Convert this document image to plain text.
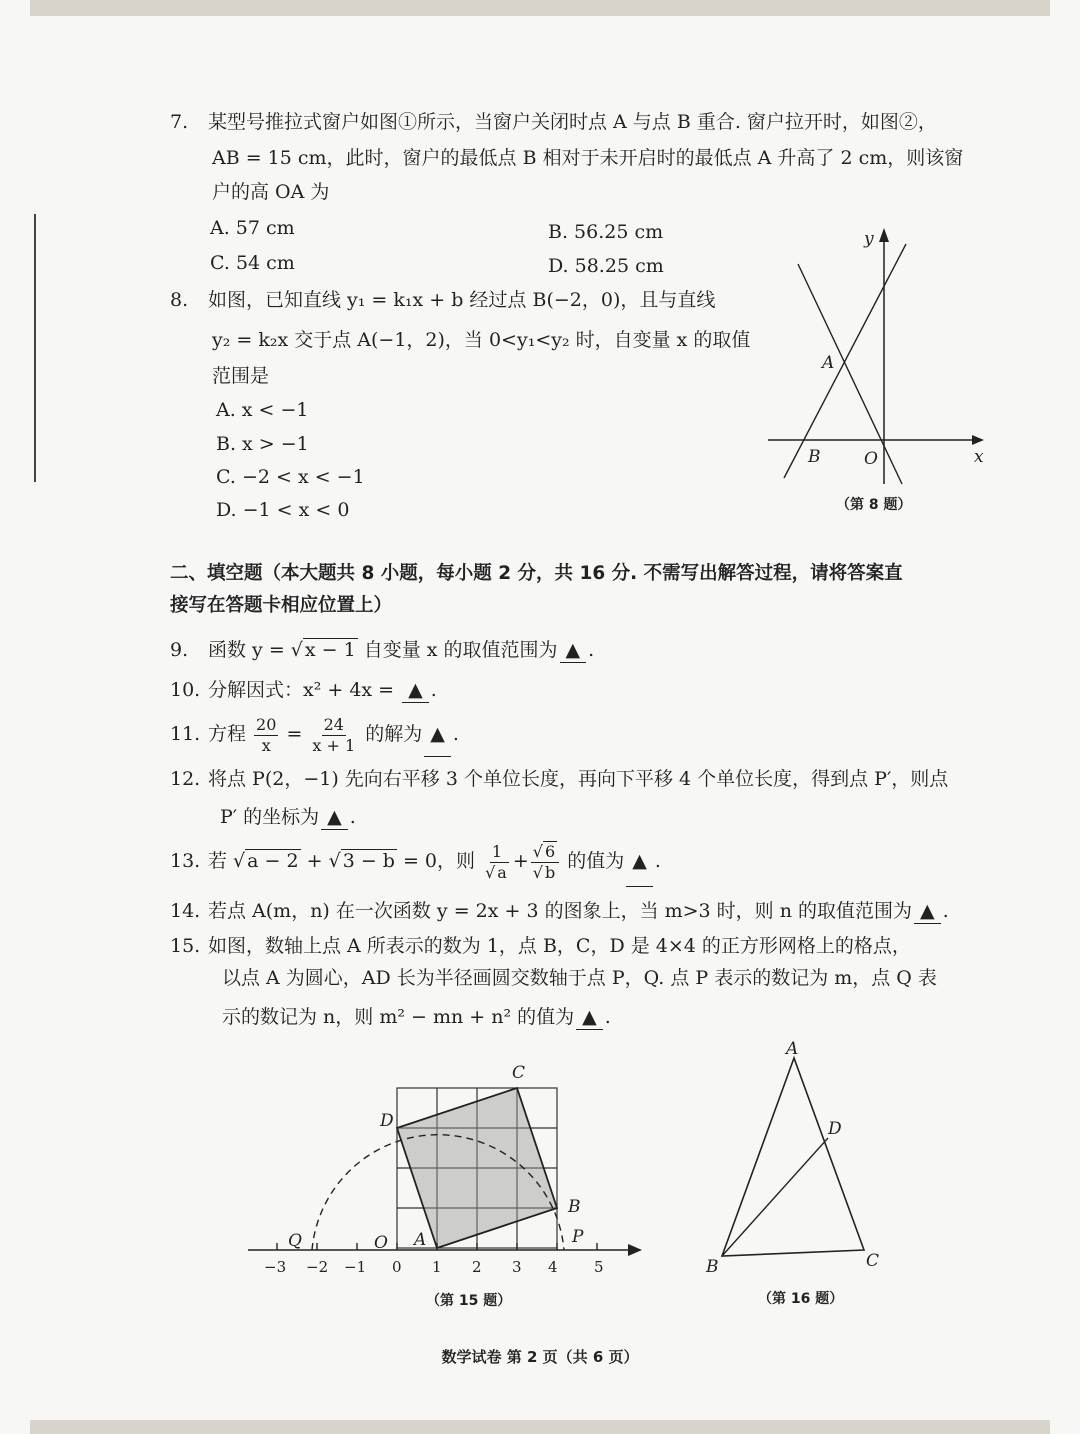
7. 某型号推拉式窗户如图①所示，当窗户关闭时点 A 与点 B 重合. 窗户拉开时，如图②，
AB = 15 cm，此时，窗户的最低点 B 相对于未开启时的最低点 A 升高了 2 cm，则该窗
户的高 OA 为
A. 57 cm	B. 56.25 cm
C. 54 cm	D. 58.25 cm
8. 如图，已知直线 y₁ = k₁x + b 经过点 B(−2，0)，且与直线
y₂ = k₂x 交于点 A(−1，2)，当 0<y₁<y₂ 时，自变量 x 的取值
范围是
A. x < −1
B. x > −1
C. −2 < x < −1
D. −1 < x < 0
y
x
A
B	O
（第 8 题）
二、填空题（本大题共 8 小题，每小题 2 分，共 16 分. 不需写出解答过程，请将答案直
接写在答题卡相应位置上）
9. 函数 y = √ x − 1 自变量 x 的取值范围为 ▲ .
10. 分解因式：x² + 4x = ▲ .
11. 方程 $\frac{20}{x} = \frac{24}{x + 1}$ 的解为 ▲ .
12. 将点 P(2，−1) 先向右平移 3 个单位长度，再向下平移 4 个单位长度，得到点 P′，则点
P′ 的坐标为 ▲ .
13. 若 √ a − 2 + √ 3 − b = 0，则 $\frac{1}{√ a} + \frac{√ 6}{√ b}$ 的值为 ▲ .
14. 若点 A(m，n) 在一次函数 y = 2x + 3 的图象上，当 m>3 时，则 n 的取值范围为 ▲ .
15. 如图，数轴上点 A 所表示的数为 1，点 B，C，D 是 4×4 的正方形网格上的格点，
以点 A 为圆心，AD 长为半径画圆交数轴于点 P，Q. 点 P 表示的数记为 m，点 Q 表
示的数记为 n，则 m² − mn + n² 的值为 ▲ .
−3 −2 −1 0 1 2 3 4 5
Q	O A	P
B
C
D
（第 15 题）
A
B	C
D
（第 16 题）
数学试卷 第 2 页（共 6 页）
